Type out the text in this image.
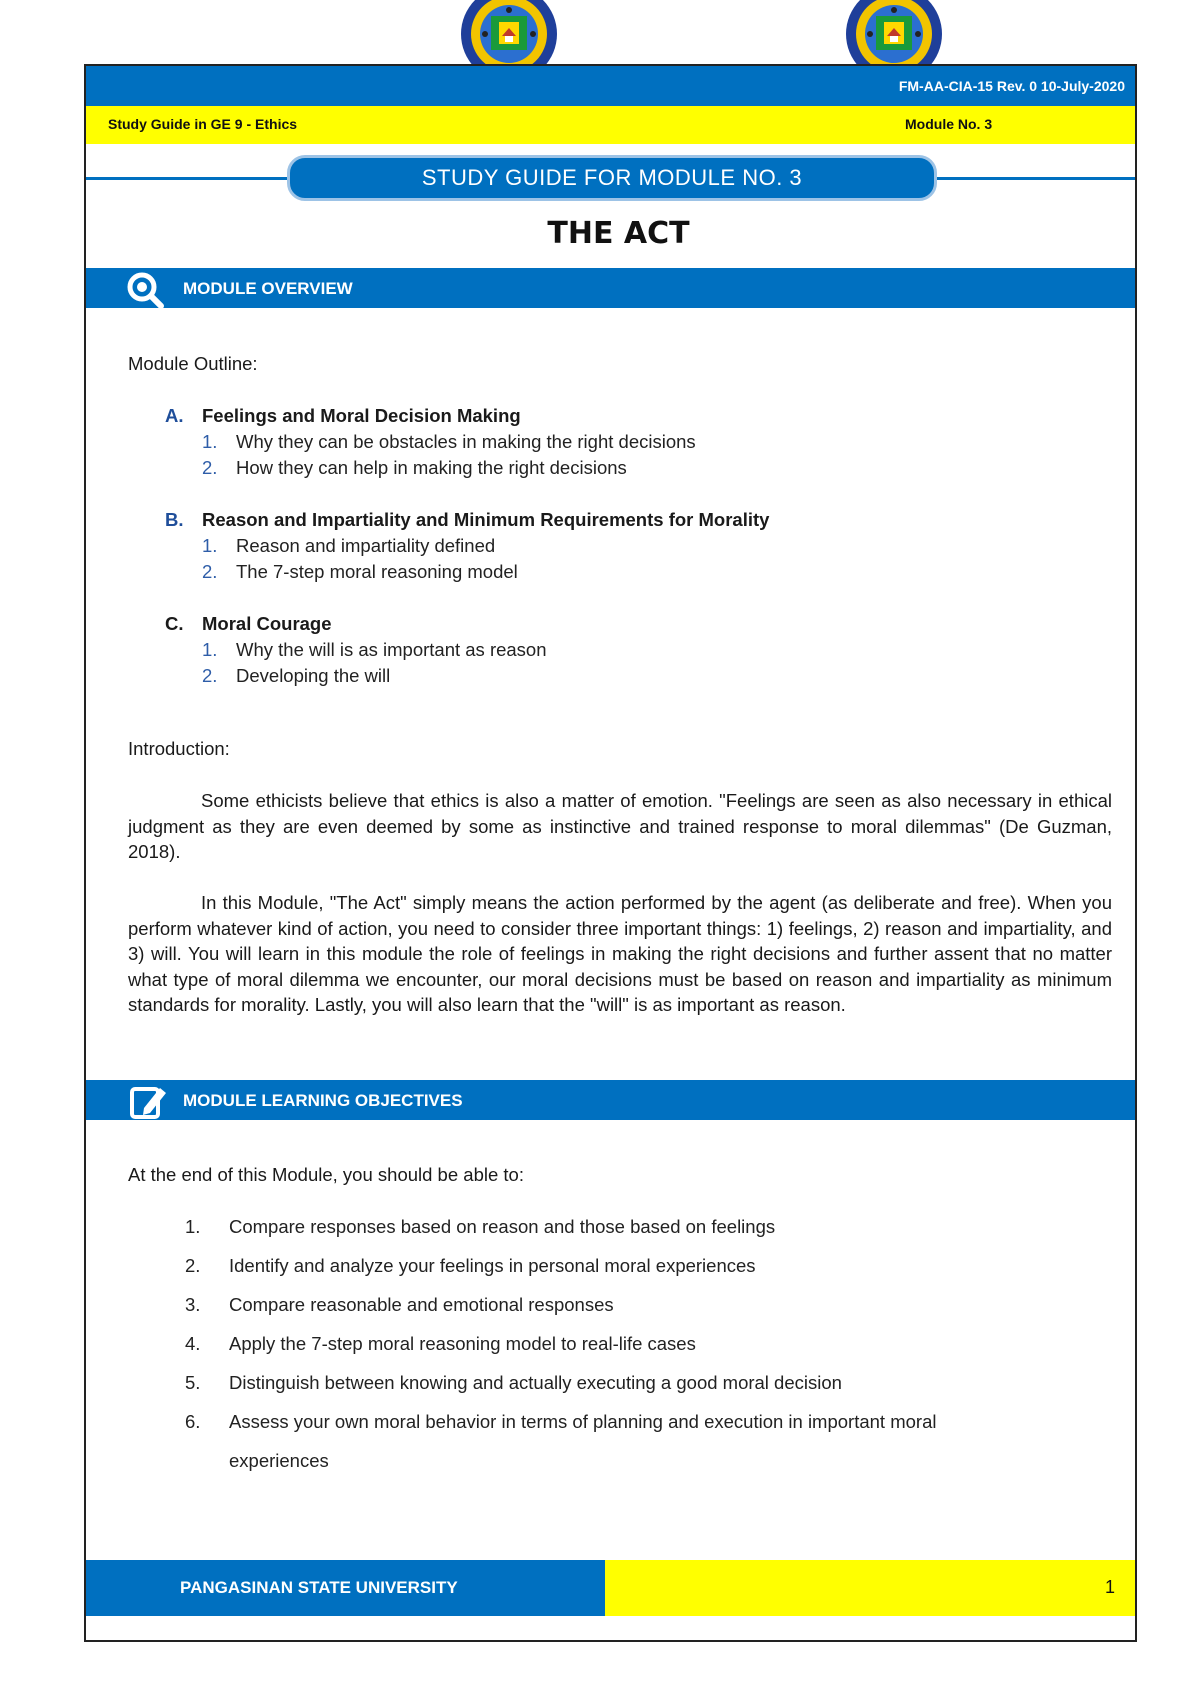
FM-AA-CIA-15 Rev. 0 10-July-2020
Study Guide in GE 9 - Ethics	Module No. 3
STUDY GUIDE FOR MODULE NO. 3
THE ACT
MODULE OVERVIEW
Module Outline:
A. Feelings and Moral Decision Making
1. Why they can be obstacles in making the right decisions
2. How they can help in making the right decisions
B. Reason and Impartiality and Minimum Requirements for Morality
1. Reason and impartiality defined
2. The 7-step moral reasoning model
C. Moral Courage
1. Why the will is as important as reason
2. Developing the will
Introduction:

Some ethicists believe that ethics is also a matter of emotion. "Feelings are seen as also necessary in ethical judgment as they are even deemed by some as instinctive and trained response to moral dilemmas" (De Guzman, 2018).

In this Module, "The Act" simply means the action performed by the agent (as deliberate and free). When you perform whatever kind of action, you need to consider three important things: 1) feelings, 2) reason and impartiality, and 3) will. You will learn in this module the role of feelings in making the right decisions and further assent that no matter what type of moral dilemma we encounter, our moral decisions must be based on reason and impartiality as minimum standards for morality. Lastly, you will also learn that the "will" is as important as reason.

MODULE LEARNING OBJECTIVES
At the end of this Module, you should be able to:
1. Compare responses based on reason and those based on feelings
2. Identify and analyze your feelings in personal moral experiences
3. Compare reasonable and emotional responses
4. Apply the 7-step moral reasoning model to real-life cases
5. Distinguish between knowing and actually executing a good moral decision
6. Assess your own moral behavior in terms of planning and execution in important moral
experiences
PANGASINAN STATE UNIVERSITY	1
